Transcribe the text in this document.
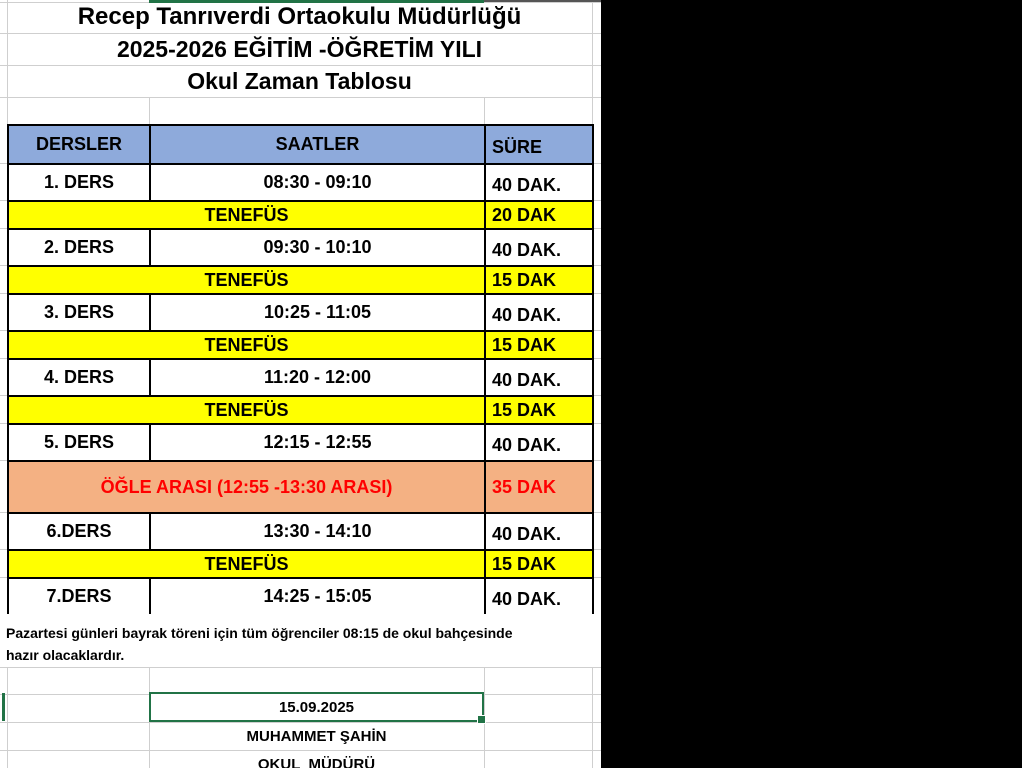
Recep Tanrıverdi Ortaokulu Müdürlüğü
2025-2026 EĞİTİM -ÖĞRETİM YILI
Okul Zaman Tablosu
DERSLER	SAATLER	SÜRE
1. DERS	08:30 - 09:10	40 DAK.
TENEFÜS		20 DAK
2. DERS	09:30 - 10:10	40 DAK.
TENEFÜS		15 DAK
3. DERS	10:25 - 11:05	40 DAK.
TENEFÜS		15 DAK
4. DERS	11:20 - 12:00	40 DAK.
TENEFÜS		15 DAK
5. DERS	12:15 - 12:55	40 DAK.
ÖĞLE ARASI (12:55 -13:30 ARASI)		35 DAK
6.DERS	13:30 - 14:10	40 DAK.
TENEFÜS		15 DAK
7.DERS	14:25 - 15:05	40 DAK.
Pazartesi günleri bayrak töreni için tüm öğrenciler 08:15 de okul bahçesinde hazır olacaklardır.
15.09.2025
MUHAMMET ŞAHİN
OKUL  MÜDÜRÜ
